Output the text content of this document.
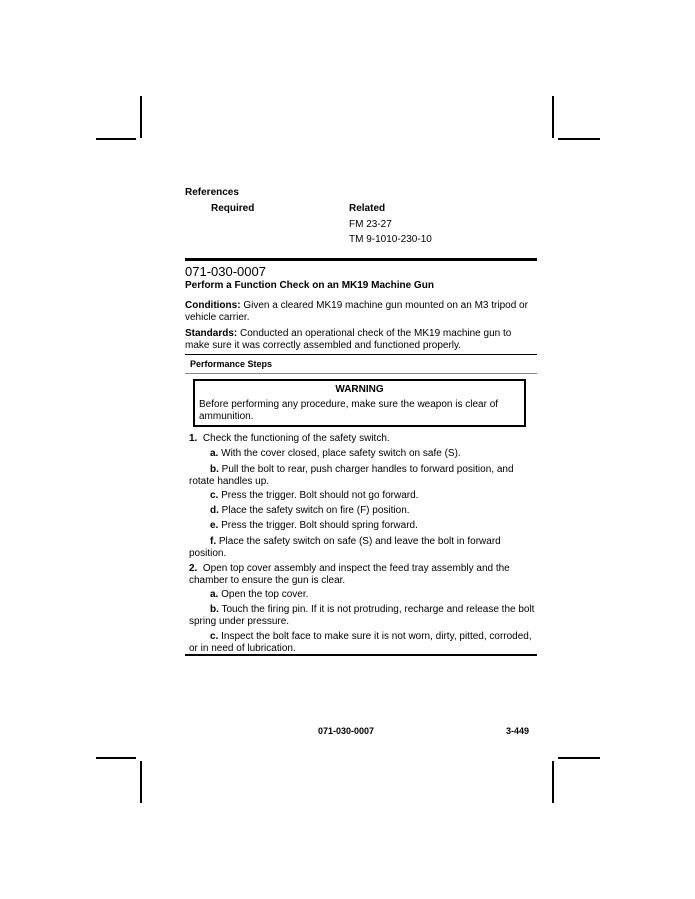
References
Required	Related
FM 23-27
TM 9-1010-230-10
071-030-0007
Perform a Function Check on an MK19 Machine Gun
Conditions: Given a cleared MK19 machine gun mounted on an M3 tripod or vehicle carrier.
Standards: Conducted an operational check of the MK19 machine gun to make sure it was correctly assembled and functioned properly.
Performance Steps
WARNING
Before performing any procedure, make sure the weapon is clear of ammunition.
1. Check the functioning of the safety switch.
a. With the cover closed, place safety switch on safe (S).
b. Pull the bolt to rear, push charger handles to forward position, and rotate handles up.
c. Press the trigger. Bolt should not go forward.
d. Place the safety switch on fire (F) position.
e. Press the trigger. Bolt should spring forward.
f. Place the safety switch on safe (S) and leave the bolt in forward position.
2. Open top cover assembly and inspect the feed tray assembly and the chamber to ensure the gun is clear.
a. Open the top cover.
b. Touch the firing pin. If it is not protruding, recharge and release the bolt spring under pressure.
c. Inspect the bolt face to make sure it is not worn, dirty, pitted, corroded, or in need of lubrication.
071-030-0007	3-449
